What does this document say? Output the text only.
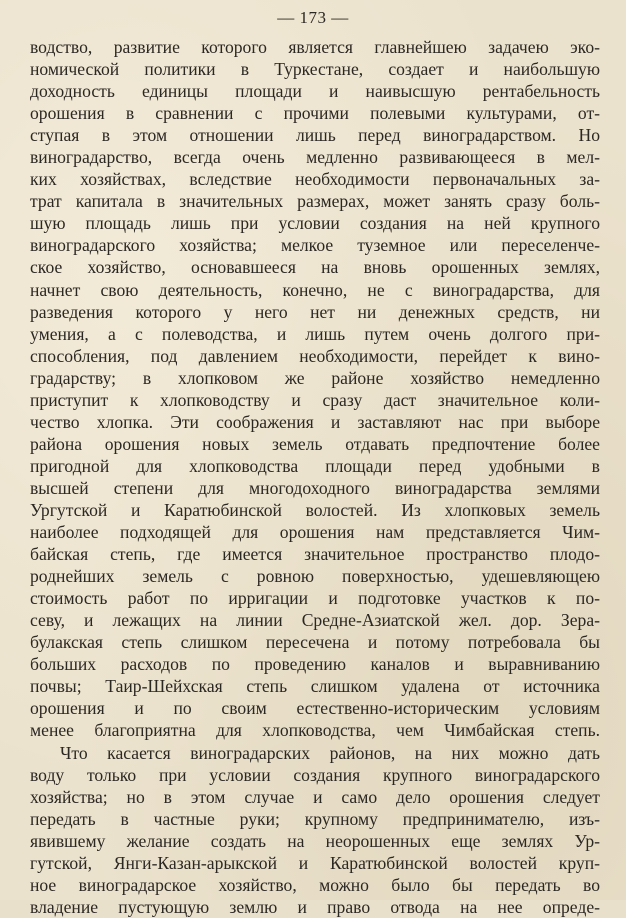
— 173 —
водство, развитие которого является главнейшею задачею эко-
номической политики в Туркестане, создает и наибольшую
доходность единицы площади и наивысшую рентабельность
орошения в сравнении с прочими полевыми культурами, от-
ступая в этом отношении лишь перед виноградарством. Но
виноградарство, всегда очень медленно развивающееся в мел-
ких хозяйствах, вследствие необходимости первоначальных за-
трат капитала в значительных размерах, может занять сразу боль-
шую площадь лишь при условии создания на ней крупного
виноградарского хозяйства; мелкое туземное или переселенче-
ское хозяйство, основавшееся на вновь орошенных землях,
начнет свою деятельность, конечно, не с виноградарства, для
разведения которого у него нет ни денежных средств, ни
умения, а с полеводства, и лишь путем очень долгого при-
способления, под давлением необходимости, перейдет к вино-
градарству; в хлопковом же районе хозяйство немедленно
приступит к хлопководству и сразу даст значительное коли-
чество хлопка. Эти соображения и заставляют нас при выборе
района орошения новых земель отдавать предпочтение более
пригодной для хлопководства площади перед удобными в
высшей степени для многодоходного виноградарства землями
Ургутской и Каратюбинской волостей. Из хлопковых земель
наиболее подходящей для орошения нам представляется Чим-
байская степь, где имеется значительное пространство плодо-
роднейших земель с ровною поверхностью, удешевляющею
стоимость работ по ирригации и подготовке участков к по-
севу, и лежащих на линии Средне-Азиатской жел. дор. Зера-
булакская степь слишком пересечена и потому потребовала бы
больших расходов по проведению каналов и выравниванию
почвы; Таир-Шейхская степь слишком удалена от источника
орошения и по своим естественно-историческим условиям
менее благоприятна для хлопководства, чем Чимбайская степь.
Что касается виноградарских районов, на них можно дать
воду только при условии создания крупного виноградарского
хозяйства; но в этом случае и само дело орошения следует
передать в частные руки; крупному предпринимателю, изъ-
явившему желание создать на неорошенных еще землях Ур-
гутской, Янги-Казан-арыкской и Каратюбинской волостей круп-
ное виноградарское хозяйство, можно было бы передать во
владение пустующую землю и право отвода на нее опреде-
